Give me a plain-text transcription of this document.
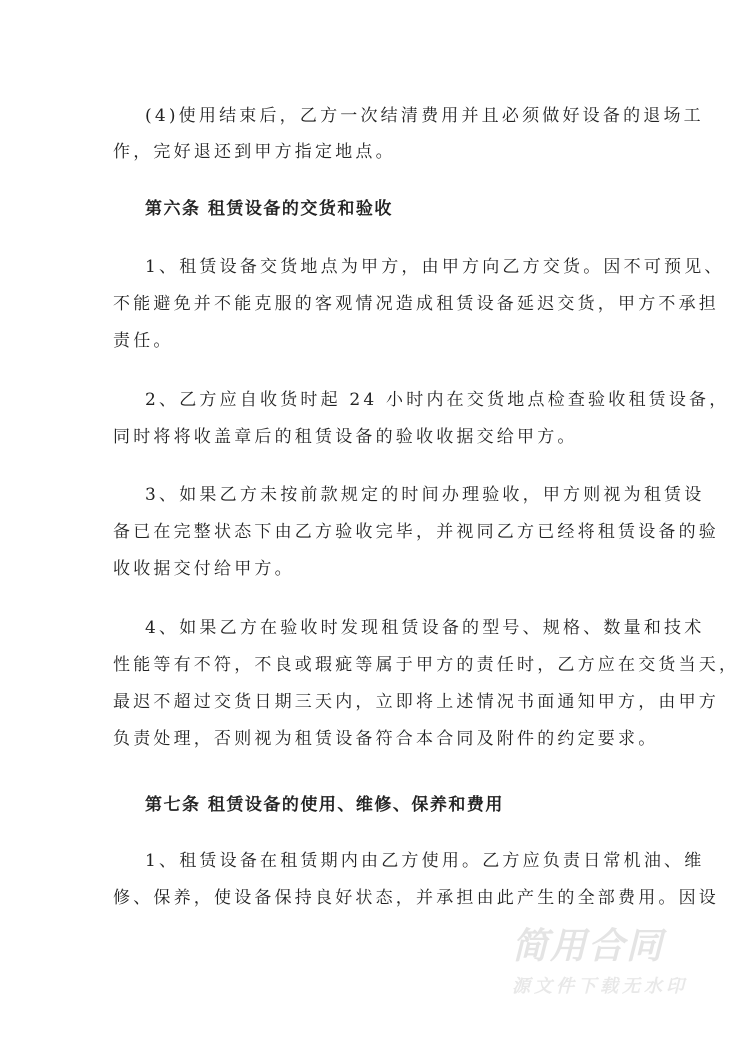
(4)使用结束后，乙方一次结清费用并且必须做好设备的退场工
作，完好退还到甲方指定地点。
第六条 租赁设备的交货和验收
1、租赁设备交货地点为甲方，由甲方向乙方交货。因不可预见、
不能避免并不能克服的客观情况造成租赁设备延迟交货，甲方不承担
责任。
2、乙方应自收货时起 24 小时内在交货地点检查验收租赁设备，
同时将将收盖章后的租赁设备的验收收据交给甲方。
3、如果乙方未按前款规定的时间办理验收，甲方则视为租赁设
备已在完整状态下由乙方验收完毕，并视同乙方已经将租赁设备的验
收收据交付给甲方。
4、如果乙方在验收时发现租赁设备的型号、规格、数量和技术
性能等有不符，不良或瑕疵等属于甲方的责任时，乙方应在交货当天，
最迟不超过交货日期三天内，立即将上述情况书面通知甲方，由甲方
负责处理，否则视为租赁设备符合本合同及附件的约定要求。
第七条 租赁设备的使用、维修、保养和费用
1、租赁设备在租赁期内由乙方使用。乙方应负责日常机油、维
修、保养，使设备保持良好状态，并承担由此产生的全部费用。因设
简用合同
源文件下载无水印
